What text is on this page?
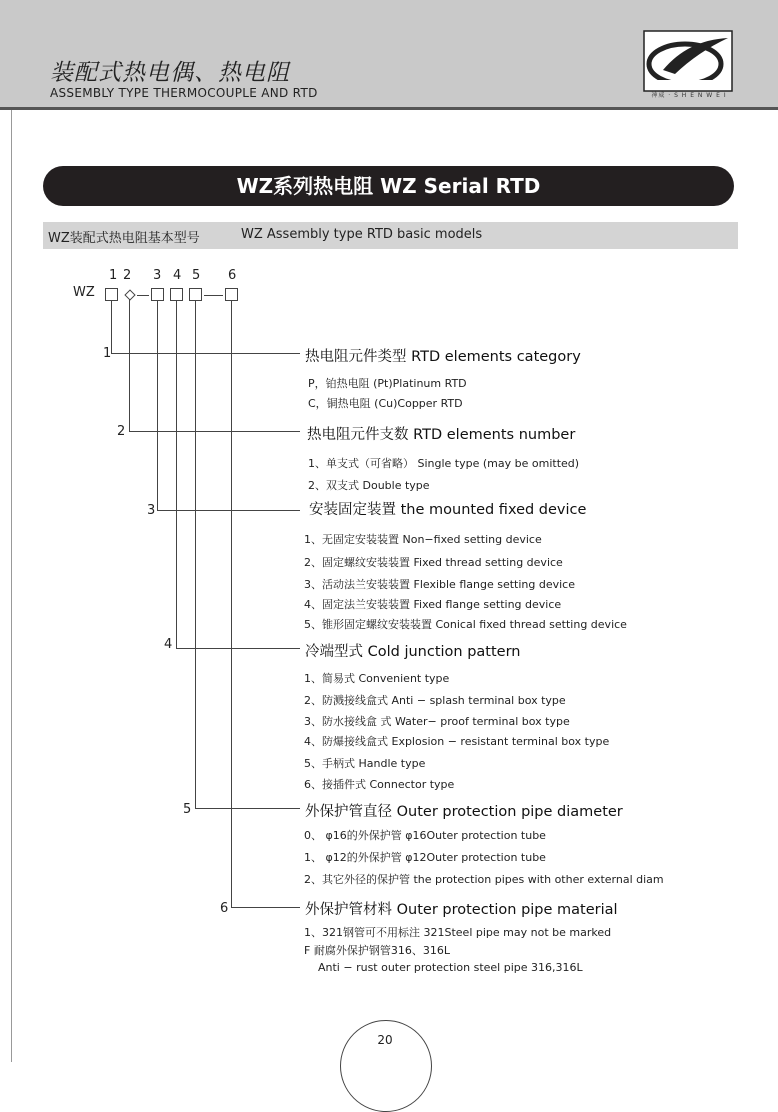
装配式热电偶、热电阻
ASSEMBLY TYPE THERMOCOUPLE AND RTD	神威 · S H E N W E I
WZ系列热电阻 WZ Serial RTD
WZ装配式热电阻基本型号	WZ Assembly type RTD basic models
1 2 3 4 5 6
WZ
1
2
3
4
5
6
热电阻元件类型 RTD elements category
P，铂热电阻 (Pt)Platinum RTD
C，铜热电阻 (Cu)Copper RTD
热电阻元件支数 RTD elements number
1、单支式（可省略） Single type (may be omitted)
2、双支式 Double type
安装固定装置 the mounted fixed device
1、无固定安装装置 Non−fixed setting device
2、固定螺纹安装装置 Fixed thread setting device
3、活动法兰安装装置 Flexible flange setting device
4、固定法兰安装装置 Fixed flange setting device
5、锥形固定螺纹安装装置 Conical fixed thread setting device
冷端型式 Cold junction pattern
1、简易式 Convenient type
2、防溅接线盒式 Anti − splash terminal box type
3、防水接线盒 式 Water− proof terminal box type
4、防爆接线盒式 Explosion − resistant terminal box type
5、手柄式 Handle type
6、接插件式 Connector type
外保护管直径 Outer protection pipe diameter
0、 φ16的外保护管 φ16Outer protection tube
1、 φ12的外保护管 φ12Outer protection tube
2、其它外径的保护管 the protection pipes with other external diam
外保护管材料 Outer protection pipe material
1、321钢管可不用标注 321Steel pipe may not be marked
F 耐腐外保护钢管316、316L
Anti − rust outer protection steel pipe 316,316L
20
